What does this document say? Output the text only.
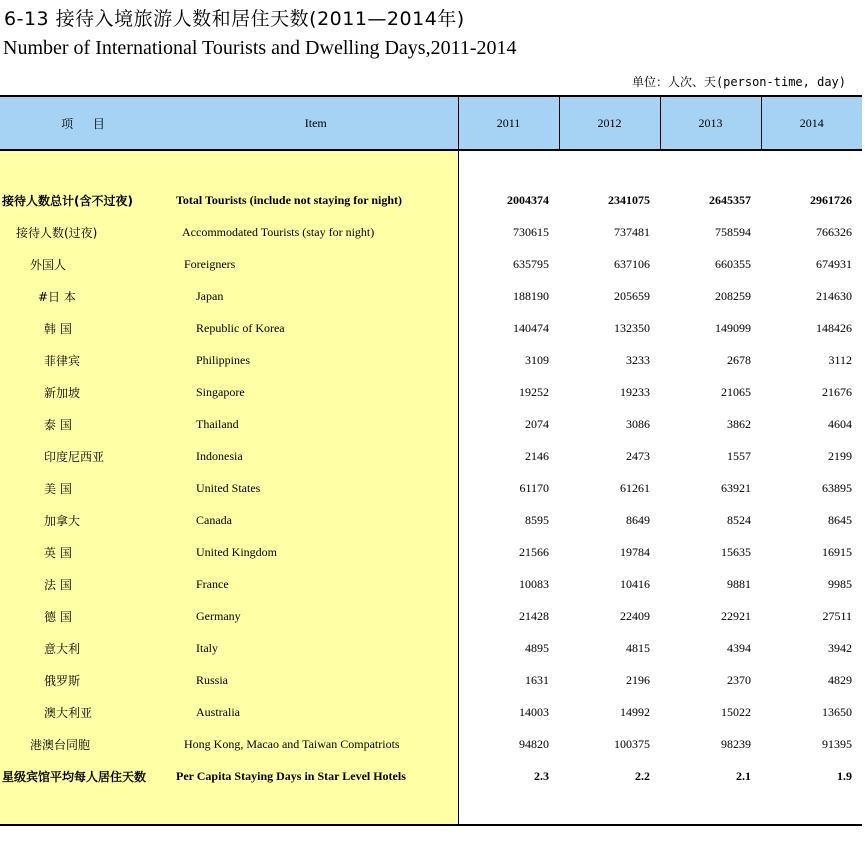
6-13 接待入境旅游人数和居住天数(2011—2014年)
Number of International Tourists and Dwelling Days,2011-2014
单位：人次、天(person-time, day)
项 目	Item	2011	2012	2013	2014

接待人数总计(含不过夜)	Total Tourists (include not staying for night)	2004374	2341075	2645357	2961726
接待人数(过夜)	Accommodated Tourists (stay for night)	730615	737481	758594	766326
外国人	Foreigners	635795	637106	660355	674931
#日 本	Japan	188190	205659	208259	214630
韩 国	Republic of Korea	140474	132350	149099	148426
菲律宾	Philippines	3109	3233	2678	3112
新加坡	Singapore	19252	19233	21065	21676
泰 国	Thailand	2074	3086	3862	4604
印度尼西亚	Indonesia	2146	2473	1557	2199
美 国	United States	61170	61261	63921	63895
加拿大	Canada	8595	8649	8524	8645
英 国	United Kingdom	21566	19784	15635	16915
法 国	France	10083	10416	9881	9985
德 国	Germany	21428	22409	22921	27511
意大利	Italy	4895	4815	4394	3942
俄罗斯	Russia	1631	2196	2370	4829
澳大利亚	Australia	14003	14992	15022	13650
港澳台同胞	Hong Kong, Macao and Taiwan Compatriots	94820	100375	98239	91395
星级宾馆平均每人居住天数	Per Capita Staying Days in Star Level Hotels	2.3	2.2	2.1	1.9
